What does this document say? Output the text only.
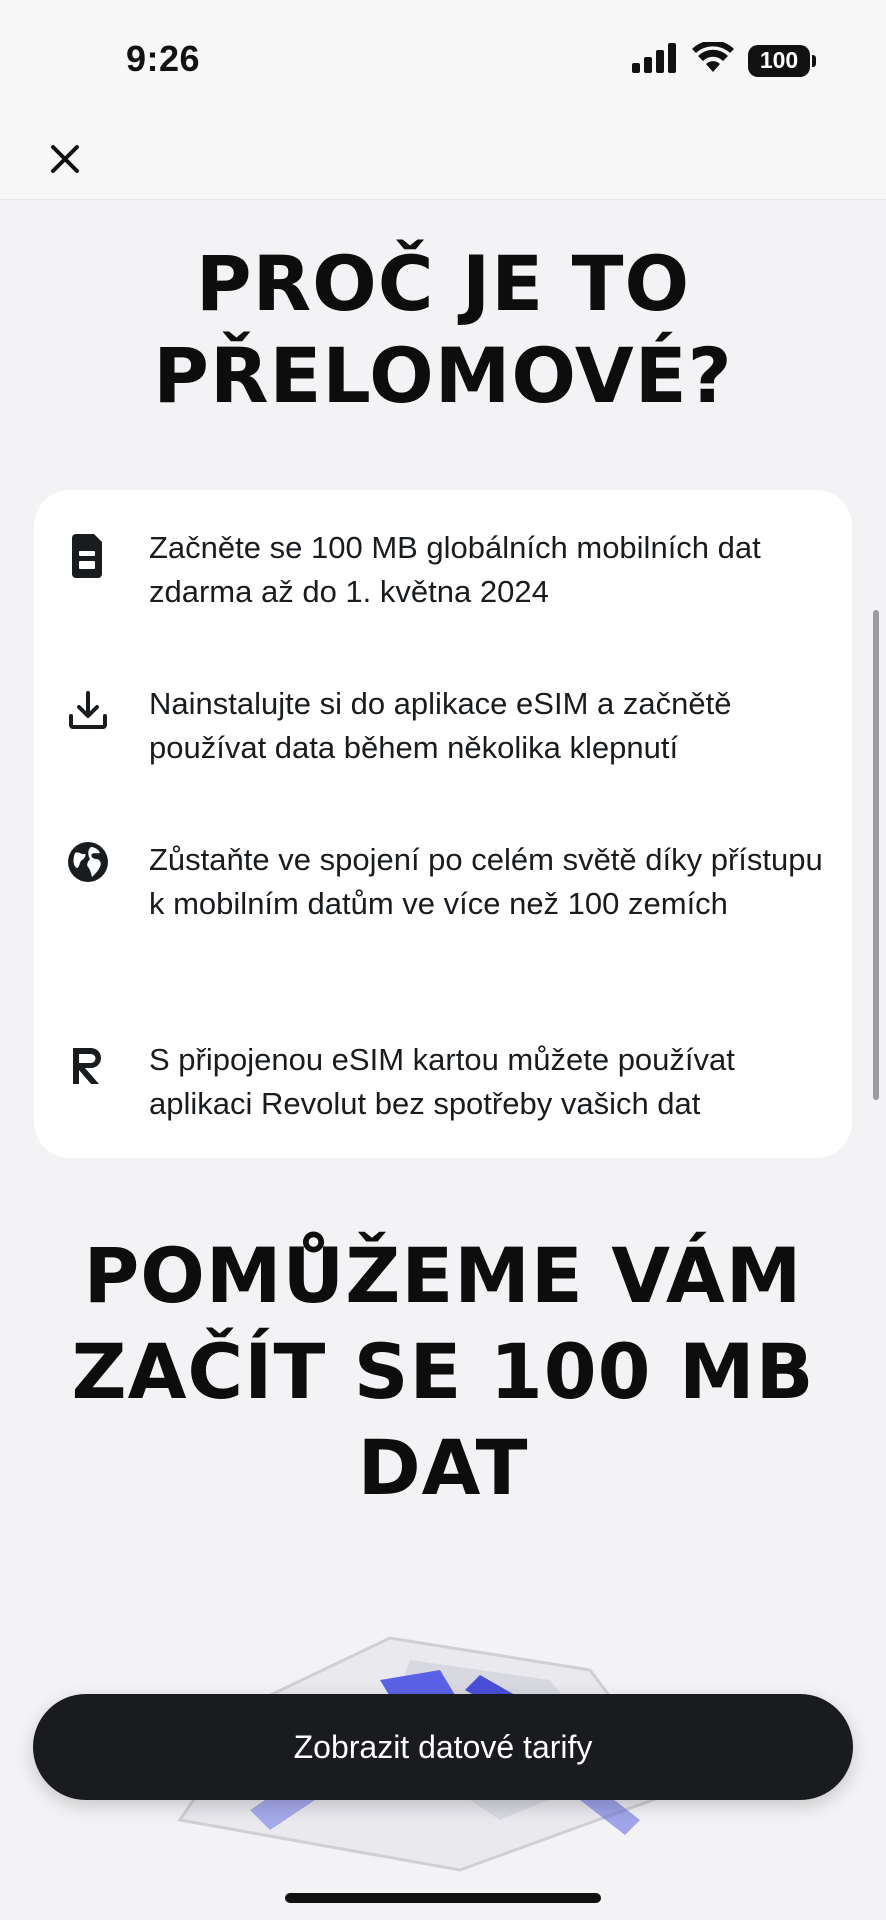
9:26	100
PROČ JE TO
PŘELOMOVÉ?
Začněte se 100 MB globálních mobilních dat zdarma až do 1. května 2024
Nainstalujte si do aplikace eSIM a začnětě používat data během několika klepnutí
Zůstaňte ve spojení po celém světě díky přístupu k mobilním datům ve více než 100 zemích
S připojenou eSIM kartou můžete používat aplikaci Revolut bez spotřeby vašich dat
POMŮŽEME VÁM
ZAČÍT SE 100 MB
DAT
Zobrazit datové tarify
